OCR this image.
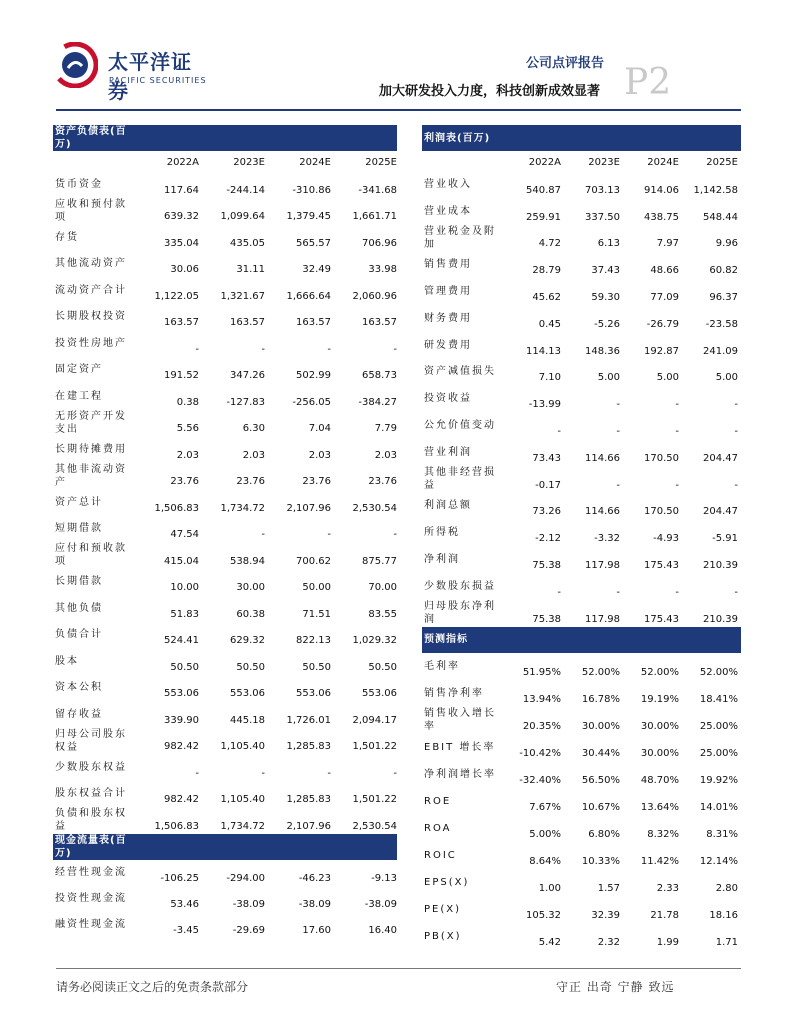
太平洋证券
PACIFIC SECURITIES
公司点评报告
加大研发投入力度，科技创新成效显著 P2
资产负债表(百万)
2022A	2023E	2024E	2025E
货币资金
117.64	-244.14	-310.86	-341.68
应收和预付款项	639.32	1,099.64	1,379.45	1,661.71
存货
335.04	435.05	565.57	706.96
其他流动资产
30.06	31.11	32.49	33.98
流动资产合计
1,122.05	1,321.67	1,666.64	2,060.96
长期股权投资
163.57	163.57	163.57	163.57
投资性房地产
-	-	-	-
固定资产
191.52	347.26	502.99	658.73
在建工程
0.38	-127.83	-256.05	-384.27
无形资产开发支出	5.56	6.30	7.04	7.79
长期待摊费用
2.03	2.03	2.03	2.03
其他非流动资产	23.76	23.76	23.76	23.76
资产总计
1,506.83	1,734.72	2,107.96	2,530.54
短期借款
47.54	-	-	-
应付和预收款项	415.04	538.94	700.62	875.77
长期借款
10.00	30.00	50.00	70.00
其他负债
51.83	60.38	71.51	83.55
负债合计
524.41	629.32	822.13	1,029.32
股本
50.50	50.50	50.50	50.50
资本公积
553.06	553.06	553.06	553.06
留存收益
339.90	445.18	1,726.01	2,094.17
归母公司股东权益	982.42	1,105.40	1,285.83	1,501.22
少数股东权益
-	-	-	-
股东权益合计
982.42	1,105.40	1,285.83	1,501.22
负债和股东权益	1,506.83	1,734.72	2,107.96	2,530.54
现金流量表(百万)
经营性现金流	-106.25	-294.00	-46.23	-9.13
投资性现金流	53.46	-38.09	-38.09	-38.09
融资性现金流	-3.45	-29.69	17.60	16.40
利润表(百万)
2022A	2023E	2024E	2025E
营业收入
540.87	703.13	914.06	1,142.58
营业成本
259.91	337.50	438.75	548.44
营业税金及附加	4.72	6.13	7.97	9.96
销售费用
28.79	37.43	48.66	60.82
管理费用
45.62	59.30	77.09	96.37
财务费用
0.45	-5.26	-26.79	-23.58
研发费用
114.13	148.36	192.87	241.09
资产减值损失
7.10	5.00	5.00	5.00
投资收益
-13.99	-	-	-
公允价值变动
-	-	-	-
营业利润
73.43	114.66	170.50	204.47
其他非经营损益	-0.17	-	-	-
利润总额
73.26	114.66	170.50	204.47
所得税
-2.12	-3.32	-4.93	-5.91
净利润
75.38	117.98	175.43	210.39
少数股东损益
-	-	-	-
归母股东净利润	75.38	117.98	175.43	210.39
预测指标
毛利率
51.95%	52.00%	52.00%	52.00%
销售净利率
13.94%	16.78%	19.19%	18.41%
销售收入增长率	20.35%	30.00%	30.00%	25.00%
EBIT 增长率
-10.42%	30.44%	30.00%	25.00%
净利润增长率
-32.40%	56.50%	48.70%	19.92%
ROE
7.67%	10.67%	13.64%	14.01%
ROA
5.00%	6.80%	8.32%	8.31%
ROIC
8.64%	10.33%	11.42%	12.14%
EPS(X)
1.00	1.57	2.33	2.80
PE(X)
105.32	32.39	21.78	18.16
PB(X)
5.42	2.32	1.99	1.71
请务必阅读正文之后的免责条款部分	守正 出奇 宁静 致远
